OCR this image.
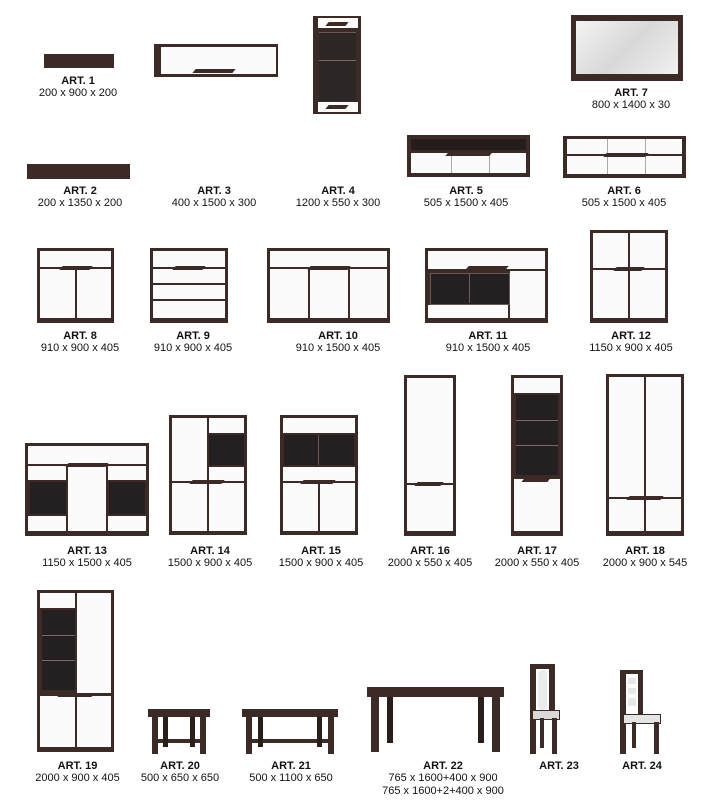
ART. 1
200 x 900 x 200
ART. 4
1200 x 550 x 300
ART. 7
800 x 1400 x 30
ART. 2
200 x 1350 x 200
ART. 3
400 x 1500 x 300
ART. 5
505 x 1500 x 405
ART. 6
505 x 1500 x 405
ART. 8
910 x 900 x 405
ART. 9
910 x 900 x 405
ART. 10
910 x 1500 x 405
ART. 11
910 x 1500 x 405
ART. 12
1150 x 900 x 405
ART. 13
1150 x 1500 x 405
ART. 14
1500 x 900 x 405
ART. 15
1500 x 900 x 405
ART. 16
2000 x 550 x 405
ART. 17
2000 x 550 x 405
ART. 18
2000 x 900 x 545
ART. 19
2000 x 900 x 405
ART. 20
500 x 650 x 650
ART. 21
500 x 1100 x 650
ART. 22
765 x 1600+400 x 900
765 x 1600+2+400 x 900
ART. 23	ART. 24
